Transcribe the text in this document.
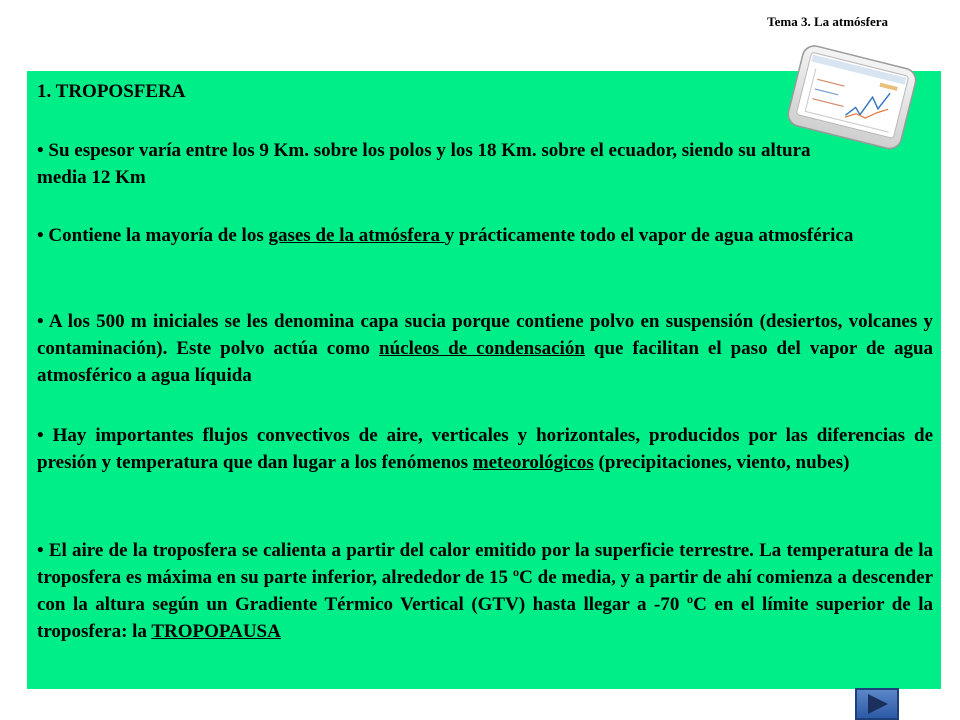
Tema 3. La atmósfera

1. TROPOSFERA

• Su espesor varía entre los 9 Km. sobre los polos y los 18 Km. sobre el ecuador, siendo su altura media 12 Km

• Contiene la mayoría de los gases de la atmósfera y prácticamente todo el vapor de agua atmosférica

• A los 500 m iniciales se les denomina capa sucia porque contiene polvo en suspensión (desiertos, volcanes y contaminación). Este polvo actúa como núcleos de condensación que facilitan el paso del vapor de agua atmosférico a agua líquida

• Hay importantes flujos convectivos de aire, verticales y horizontales, producidos por las diferencias de presión y temperatura que dan lugar a los fenómenos meteorológicos (precipitaciones, viento, nubes)

• El aire de la troposfera se calienta a partir del calor emitido por la superficie terrestre. La temperatura de la troposfera es máxima en su parte inferior, alrededor de 15 ºC de media, y a partir de ahí comienza a descender con la altura según un Gradiente Térmico Vertical (GTV) hasta llegar a -70 ºC en el límite superior de la troposfera: la TROPOPAUSA
